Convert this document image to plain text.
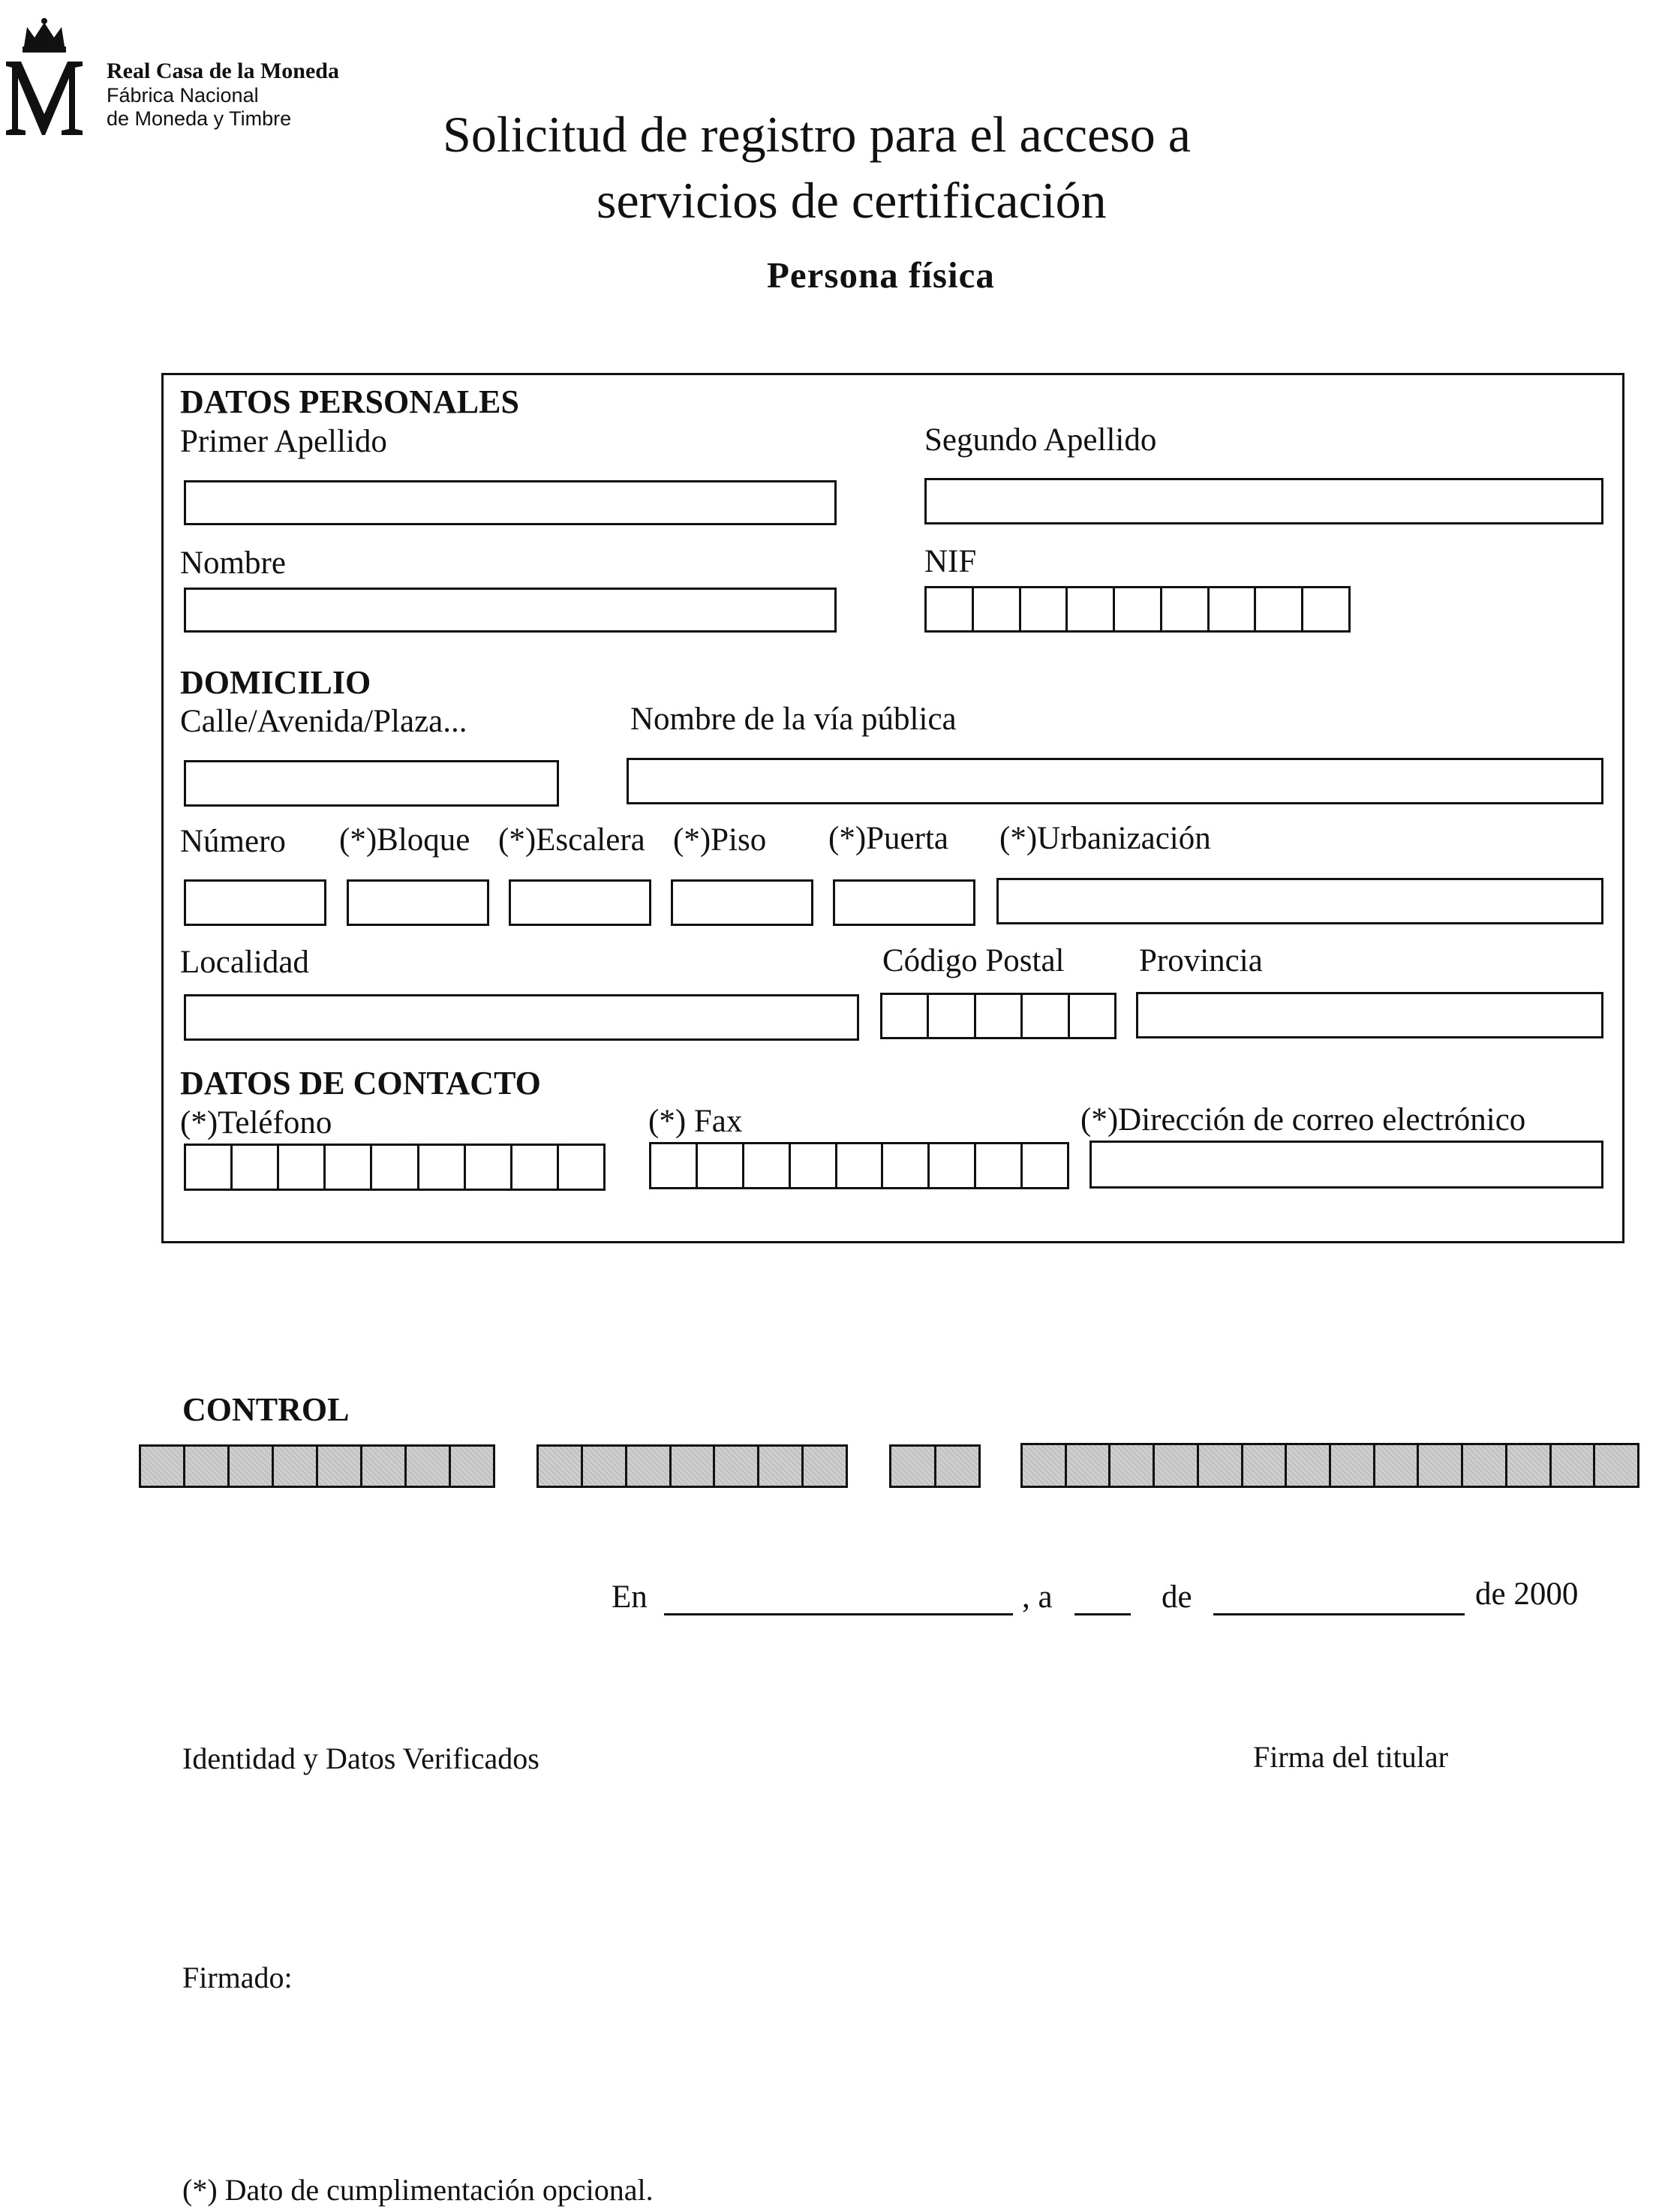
Real Casa de la Moneda
Fábrica Nacional
de Moneda y Timbre	Solicitud de registro para el acceso a
servicios de certificación
Persona física
DATOS PERSONALES
Primer Apellido	Segundo Apellido
Nombre	NIF
DOMICILIO
Calle/Avenida/Plaza...	Nombre de la vía pública
Número (*)Bloque (*)Escalera (*)Piso (*)Puerta (*)Urbanización
Localidad	Código Postal Provincia
DATOS DE CONTACTO
(*)Teléfono	(*) Fax	(*)Dirección de correo electrónico
CONTROL
En	, a	de	de 2000
Identidad y Datos Verificados	Firma del titular
Firmado:
(*) Dato de cumplimentación opcional.
